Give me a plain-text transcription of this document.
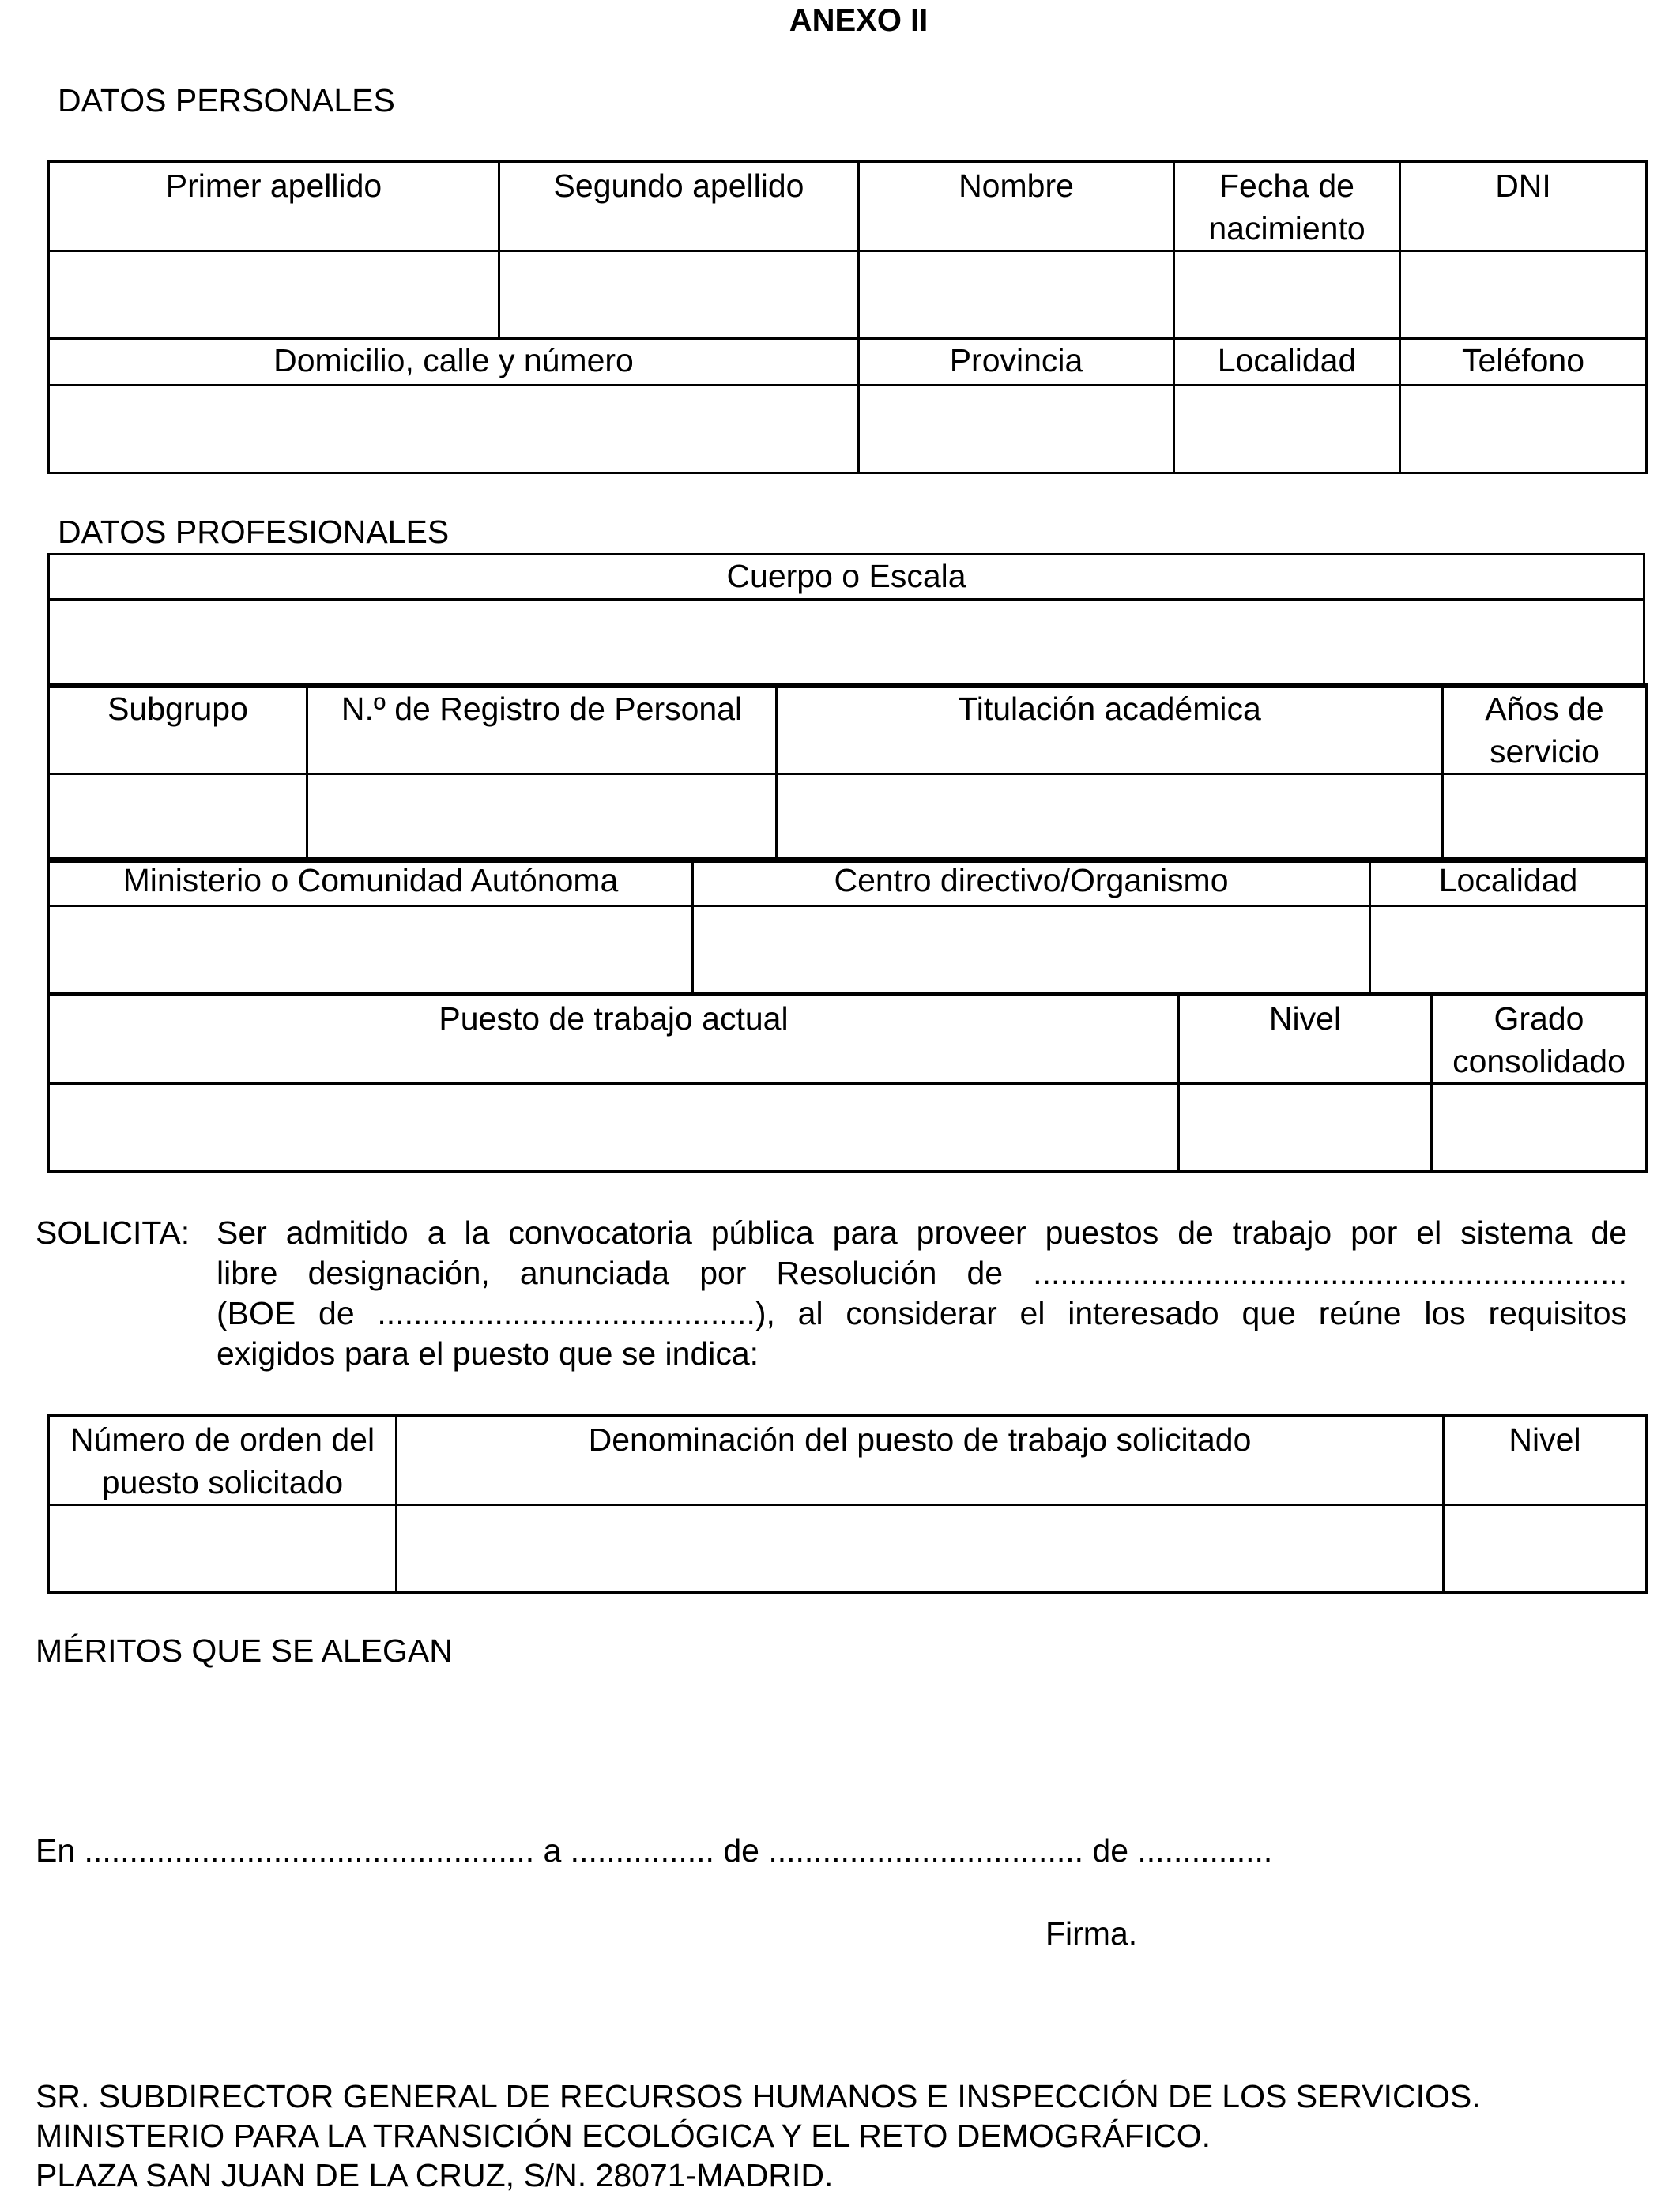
ANEXO II
DATOS PERSONALES
Primer apellido	Segundo apellido	Nombre	Fecha de nacimiento	DNI

Domicilio, calle y número		Provincia	Localidad	Teléfono

DATOS PROFESIONALES
Cuerpo o Escala

Subgrupo	N.º de Registro de Personal	Titulación académica	Años de servicio

Ministerio o Comunidad Autónoma	Centro directivo/Organismo	Localidad

Puesto de trabajo actual	Nivel	Grado consolidado

SOLICITA: Ser admitido a la convocatoria pública para proveer puestos de trabajo por el sistema de
libre designación, anunciada por Resolución de ..................................................................
(BOE de ..........................................), al considerar el interesado que reúne los requisitos
exigidos para el puesto que se indica:
Número de orden del puesto solicitado	Denominación del puesto de trabajo solicitado	Nivel

MÉRITOS QUE SE ALEGAN
En .................................................. a ................ de ................................... de ...............
Firma.
SR. SUBDIRECTOR GENERAL DE RECURSOS HUMANOS E INSPECCIÓN DE LOS SERVICIOS.
MINISTERIO PARA LA TRANSICIÓN ECOLÓGICA Y EL RETO DEMOGRÁFICO.
PLAZA SAN JUAN DE LA CRUZ, S/N. 28071-MADRID.
